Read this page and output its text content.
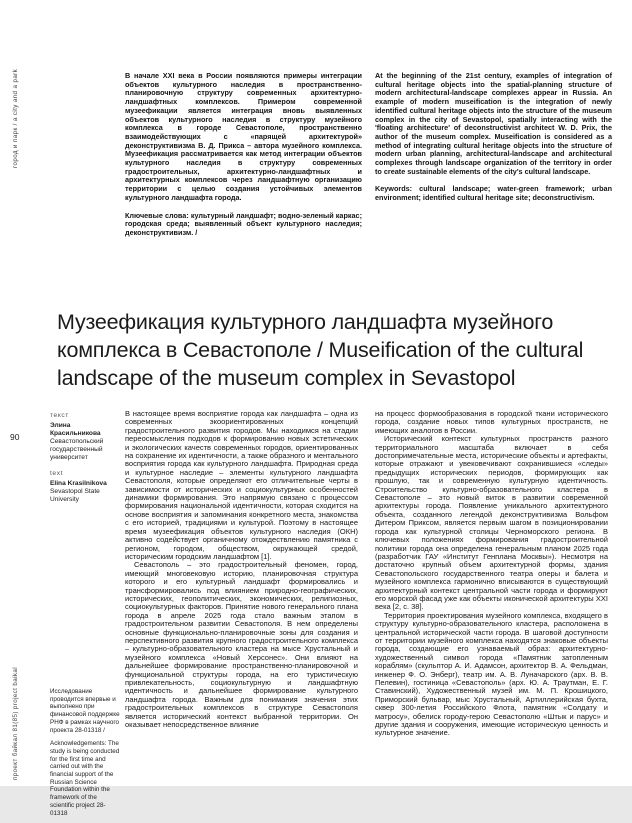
город и парк / a city and a park
90
проект байкал 81(85) project baikal

В начале XXI века в России появляются примеры интеграции объектов культурного наследия в пространственно-планировочную структуру современных архитектурно-ландшафтных комплексов. Примером современной музеефикации является интеграция вновь выявленных объектов культурного наследия в структуру музейного комплекса в городе Севастополе, пространственно взаимодействующих с «парящей архитектурой» деконструктивизма В. Д. Прикса – автора музейного комплекса. Музеефикация рассматривается как метод интеграции объектов культурного наследия в структуру современных градостроительных, архитектурно-ландшафтных и архитектурных комплексов через ландшафтную организацию территории с целью создания устойчивых элементов культурного ландшафта города.

Ключевые слова: культурный ландшафт; водно-зеленый каркас; городская среда; выявленный объект культурного наследия; деконструктивизм. /

At the beginning of the 21st century, examples of integration of cultural heritage objects into the spatial-planning structure of modern architectural-landscape complexes appear in Russia. An example of modern museification is the integration of newly identified cultural heritage objects into the structure of the museum complex in the city of Sevastopol, spatially interacting with the 'floating architecture' of deconstructivist architect W. D. Prix, the author of the museum complex. Museification is considered as a method of integrating cultural heritage objects into the structure of modern urban planning, architectural-landscape and architectural complexes through landscape organization of the territory in order to create sustainable elements of the city's cultural landscape.

Keywords: cultural landscape; water-green framework; urban environment; identified cultural heritage site; deconstructivism.

Музеефикация культурного ландшафта музейного комплекса в Севастополе / Museification of the cultural landscape of the museum complex in Sevastopol
текст
Элина Красильникова
Севастопольский государственный университет
text
Elina Krasilnikova
Sevastopol State University

В настоящее время восприятие города как ландшафта – одна из современных экоориентированных концепций градостроительного развития городов. Мы находимся на стадии переосмысления подходов к формированию новых эстетических и экологических качеств современных городов, ориентированных на сохранение их идентичности, а также образного и ментального восприятия города как культурного ландшафта. Природная среда и культурное наследие – элементы культурного ландшафта Севастополя, которые определяют его отличительные черты в зависимости от исторических и социокультурных особенностей динамики формирования. Это напрямую связано с процессом формирования национальной идентичности, которая сходится на основе восприятия и запоминания конкретного места, знакомства с его историей, традициями и культурой. Поэтому в настоящее время музеефикация объектов культурного наследия (ОКН) активно содействует органичному отождествлению памятника с регионом, городом, обществом, окружающей средой, историческим городским ландшафтом [1].

Севастополь – это градостроительный феномен, город, имеющий многовековую историю, планировочная структура которого и его культурный ландшафт формировались и трансформировались под влиянием природно-географических, исторических, геополитических, экономических, религиозных, социокультурных факторов. Принятие нового генерального плана города в апреле 2025 года стало важным этапом в градостроительном развитии Севастополя. В нем определены основные функционально-планировочные зоны для создания и перспективного развития крупного градостроительного комплекса – культурно-образовательного кластера на мысе Хрустальный и музейного комплекса «Новый Херсонес». Они влияют на дальнейшее формирование пространственно-планировочной и функциональной структуры города, на его туристическую привлекательность, социокультурную и ландшафтную идентичность и дальнейшее формирование культурного ландшафта города. Важным для понимания значения этих градостроительных комплексов в структуре Севастополя является исторический контекст выбранной территории. Он оказывает непосредственное влияние

на процесс формообразования в городской ткани исторического города, создание новых типов культурных пространств, не имеющих аналогов в России.

Исторический контекст культурных пространств разного территориального масштаба включает в себя достопримечательные места, исторические объекты и артефакты, которые отражают и увековечивают сохранившиеся «следы» предыдущих исторических периодов, формирующих как прошлую, так и современную культурную идентичность. Строительство культурно-образовательного кластера в Севастополе – это новый виток в развитии современной архитектуры города. Появление уникального архитектурного объекта, созданного легендой деконструктивизма Вольфом Дитером Приксом, является первым шагом в позиционировании города как культурной столицы Черноморского региона. В ключевых положениях формирования градостроительной политики города она определена генеральным планом 2025 года (разработчик ГАУ «Институт Генплана Москвы»). Несмотря на достаточно крупный объем архитектурной формы, здания Севастопольского государственного театра оперы и балета и музейного комплекса гармонично вписываются в существующий архитектурный контекст центральной части города и формируют его морской фасад уже как объекты иконической архитектуры XXI века [2, с. 38].

Территория проектирования музейного комплекса, входящего в структуру культурно-образовательного кластера, расположена в центральной исторической части города. В шаговой доступности от территории музейного комплекса находятся знаковые объекты города, создающие его узнаваемый образ: архитектурно-художественный символ города «Памятник затопленным кораблям» (скульптор А. И. Адамсон, архитектор В. А. Фельдман, инженер Ф. О. Энберг), театр им. А. В. Луначарского (арх. В. В. Пелевин), гостиница «Севастополь» (арх. Ю. А. Траутман, Е. Г. Ставинский), Художественный музей им. М. П. Крошицкого, Приморский бульвар, мыс Хрустальный, Артиллерийская бухта, сквер 300-летия Российского Флота, памятник «Солдату и матросу», обелиск городу-герою Севастополю «Штык и парус» и другие здания и сооружения, имеющие историческую ценность и культурное значение.

Исследование проводится впервые и выполнено при финансовой поддержке РНФ в рамках научного проекта 28-01318 /

Acknowledgements: The study is being conducted for the first time and carried out with the financial support of the Russian Science Foundation within the framework of the scientific project 28-01318
